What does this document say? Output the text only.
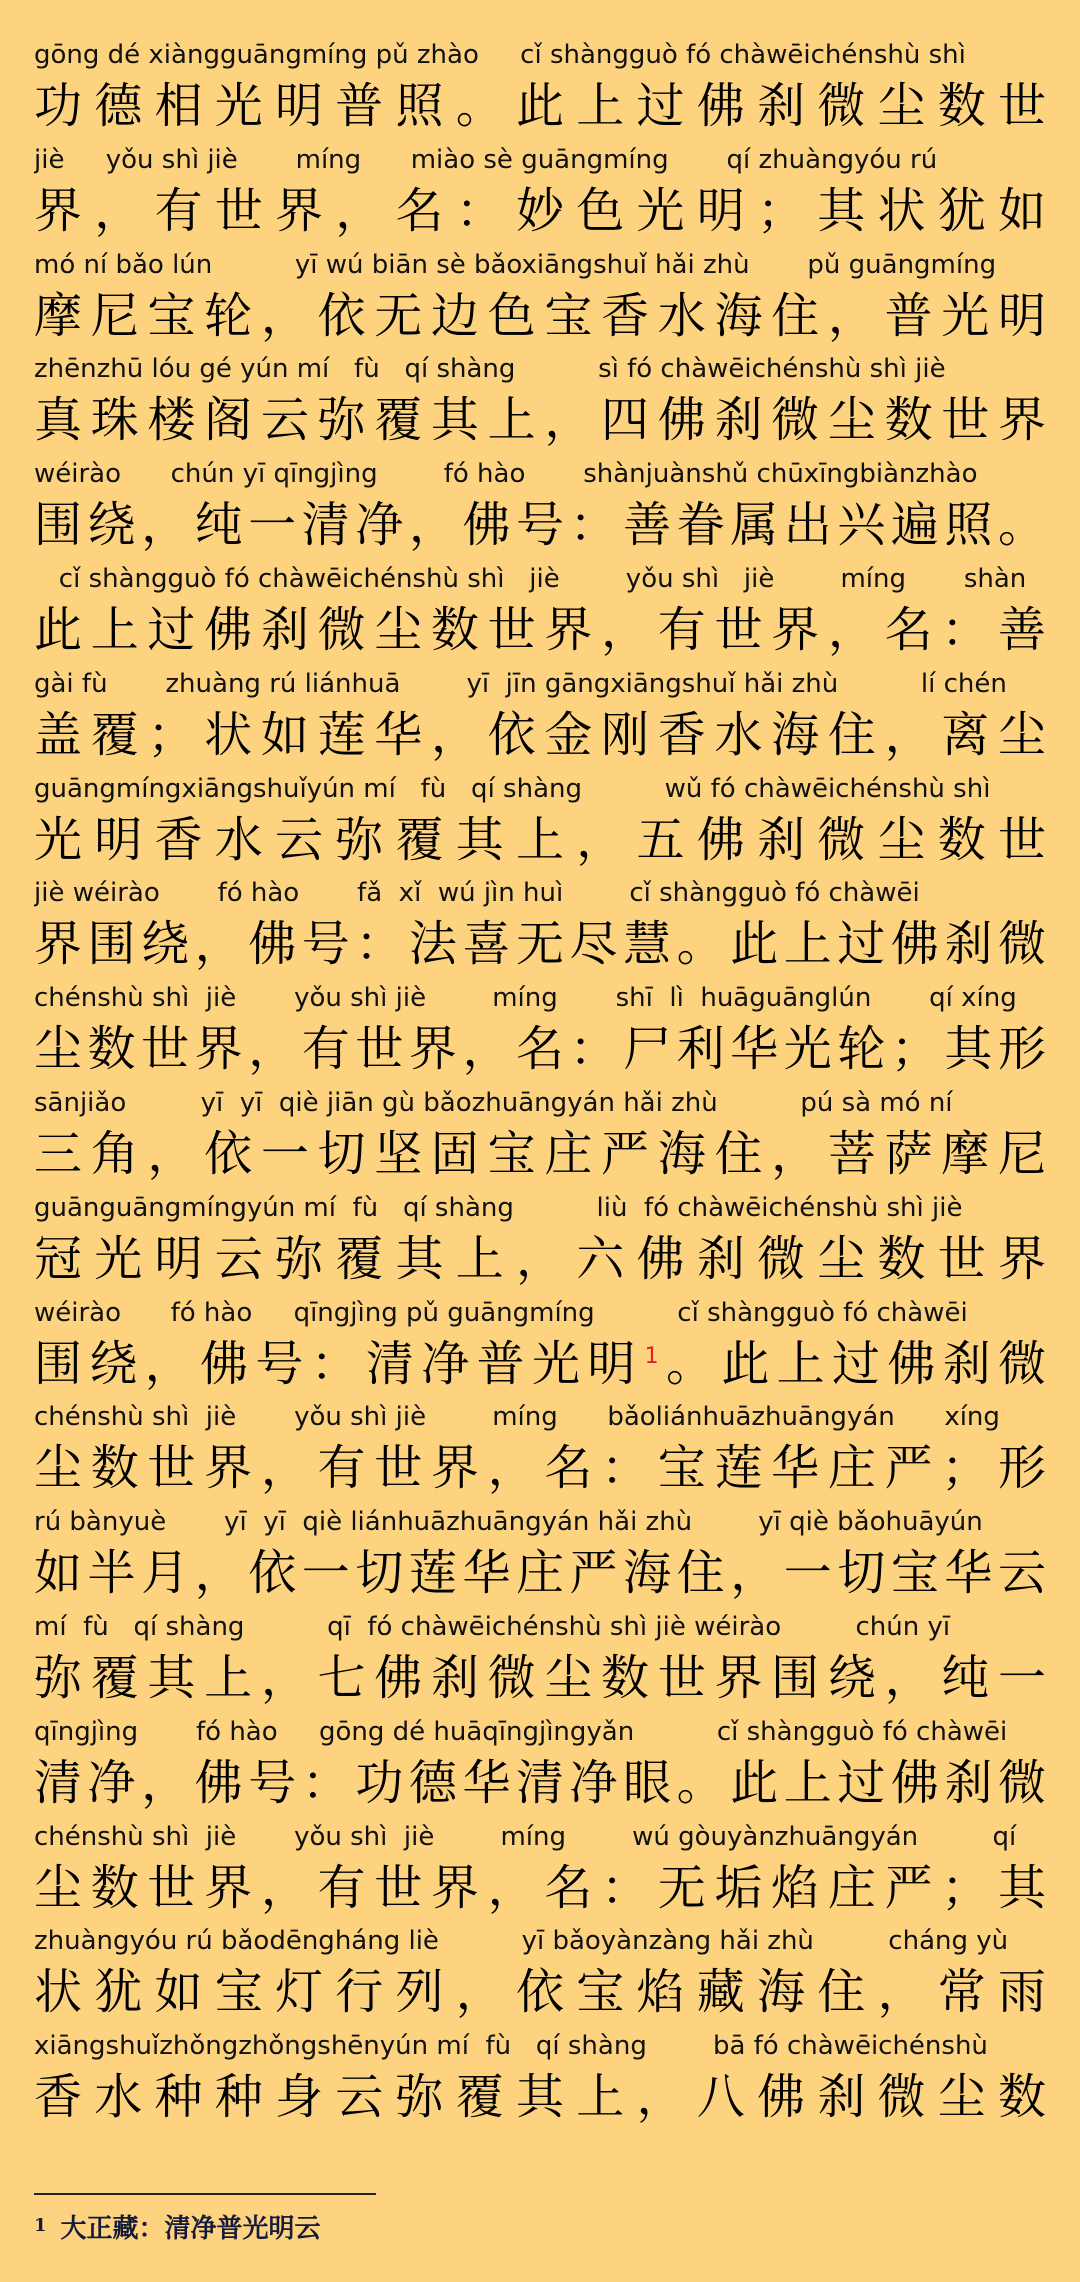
gōng dé xiàngguāngmíng pǔ zhào     cǐ shàngguò fó chàwēichénshù shì
功德相光明普照。此上过佛刹微尘数世
jiè     yǒu shì jiè       míng      miào sè guāngmíng       qí zhuàngyóu rú
界，有世界，名：妙色光明；其状犹如
mó ní bǎo lún          yī wú biān sè bǎoxiāngshuǐ hǎi zhù       pǔ guāngmíng
摩尼宝轮，依无边色宝香水海住，普光明
zhēnzhū lóu gé yún mí   fù   qí shàng          sì fó chàwēichénshù shì jiè
真珠楼阁云弥覆其上，四佛刹微尘数世界
wéirào      chún yī qīngjìng        fó hào       shànjuànshǔ chūxīngbiànzhào
围绕，纯一清净，佛号：善眷属出兴遍照。
cǐ shàngguò fó chàwēichénshù shì   jiè        yǒu shì   jiè        míng       shàn
此上过佛刹微尘数世界，有世界，名：善
gài fù       zhuàng rú liánhuā        yī  jīn gāngxiāngshuǐ hǎi zhù          lí chén
盖覆；状如莲华，依金刚香水海住，离尘
guāngmíngxiāngshuǐyún mí   fù   qí shàng          wǔ fó chàwēichénshù shì
光明香水云弥覆其上，五佛刹微尘数世
jiè wéirào       fó hào       fǎ  xǐ  wú jìn huì        cǐ shàngguò fó chàwēi
界围绕，佛号：法喜无尽慧。此上过佛刹微
chénshù shì  jiè       yǒu shì jiè        míng       shī  lì  huāguānglún       qí xíng
尘数世界，有世界，名：尸利华光轮；其形
sānjiǎo         yī  yī  qiè jiān gù bǎozhuāngyán hǎi zhù          pú sà mó ní
三角，依一切坚固宝庄严海住，菩萨摩尼
guānguāngmíngyún mí  fù   qí shàng          liù  fó chàwēichénshù shì jiè
冠光明云弥覆其上，六佛刹微尘数世界
wéirào      fó hào     qīngjìng pǔ guāngmíng          cǐ shàngguò fó chàwēi
围绕，佛号：清净普光明$^1$。此上过佛刹微
chénshù shì  jiè       yǒu shì jiè        míng      bǎoliánhuāzhuāngyán      xíng
尘数世界，有世界，名：宝莲华庄严；形
rú bànyuè       yī  yī  qiè liánhuāzhuāngyán hǎi zhù        yī qiè bǎohuāyún
如半月，依一切莲华庄严海住，一切宝华云
mí  fù   qí shàng          qī  fó chàwēichénshù shì jiè wéirào         chún yī
弥覆其上，七佛刹微尘数世界围绕，纯一
qīngjìng       fó hào     gōng dé huāqīngjìngyǎn          cǐ shàngguò fó chàwēi
清净，佛号：功德华清净眼。此上过佛刹微
chénshù shì  jiè       yǒu shì  jiè        míng        wú gòuyànzhuāngyán         qí
尘数世界，有世界，名：无垢焰庄严；其
zhuàngyóu rú bǎodēngháng liè          yī bǎoyànzàng hǎi zhù         cháng yù
状犹如宝灯行列，依宝焰藏海住，常雨
xiāngshuǐzhǒngzhǒngshēnyún mí  fù   qí shàng        bā fó chàwēichénshù
香水种种身云弥覆其上，八佛刹微尘数
1 大正藏：清净普光明云
